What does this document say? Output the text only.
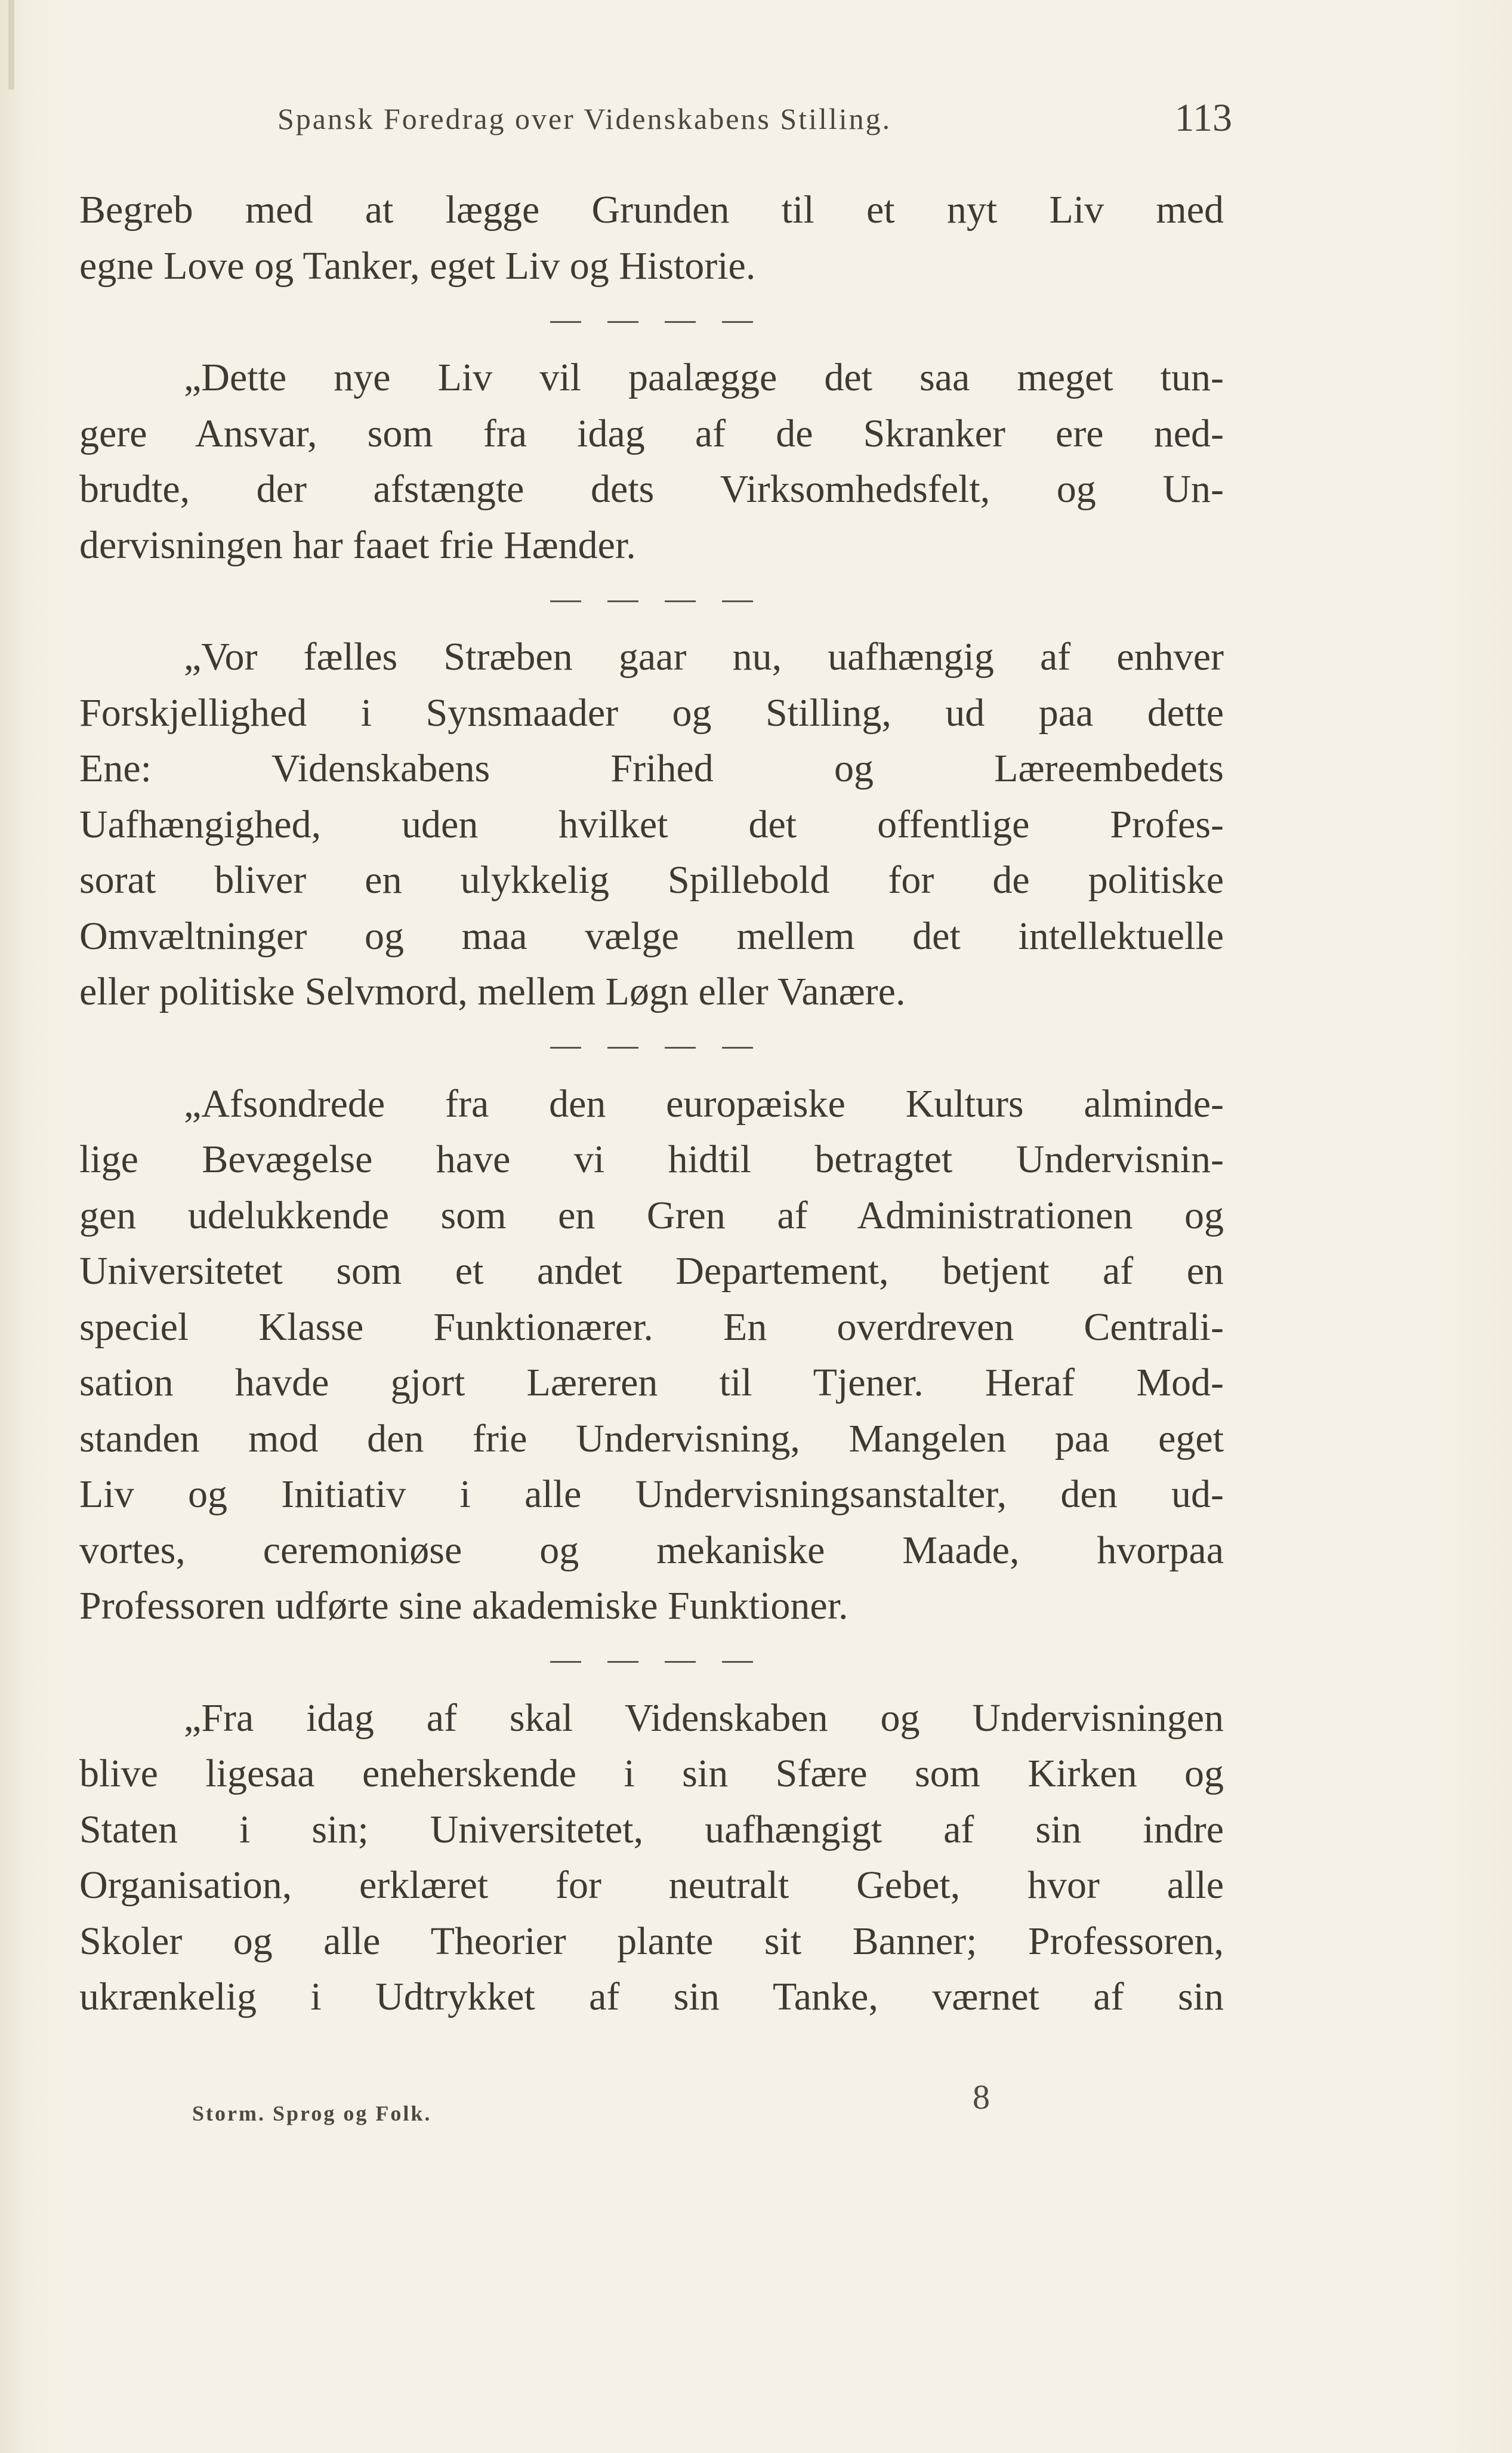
Spansk Foredrag over Videnskabens Stilling.	113
Begreb med at lægge Grunden til et nyt Liv med
egne Love og Tanker, eget Liv og Historie.
„Dette nye Liv vil paalægge det saa meget tun-
gere Ansvar, som fra idag af de Skranker ere ned-
brudte, der afstængte dets Virksomhedsfelt, og Un-
dervisningen har faaet frie Hænder.
„Vor fælles Stræben gaar nu, uafhængig af enhver
Forskjellighed i Synsmaader og Stilling, ud paa dette
Ene: Videnskabens Frihed og Læreembedets
Uafhængighed, uden hvilket det offentlige Profes-
sorat bliver en ulykkelig Spillebold for de politiske
Omvæltninger og maa vælge mellem det intellektuelle
eller politiske Selvmord, mellem Løgn eller Vanære.
„Afsondrede fra den europæiske Kulturs alminde-
lige Bevægelse have vi hidtil betragtet Undervisnin-
gen udelukkende som en Gren af Administrationen og
Universitetet som et andet Departement, betjent af en
speciel Klasse Funktionærer. En overdreven Centrali-
sation havde gjort Læreren til Tjener. Heraf Mod-
standen mod den frie Undervisning, Mangelen paa eget
Liv og Initiativ i alle Undervisningsanstalter, den ud-
vortes, ceremoniøse og mekaniske Maade, hvorpaa
Professoren udførte sine akademiske Funktioner.
„Fra idag af skal Videnskaben og Undervisningen
blive ligesaa eneherskende i sin Sfære som Kirken og
Staten i sin; Universitetet, uafhængigt af sin indre
Organisation, erklæret for neutralt Gebet, hvor alle
Skoler og alle Theorier plante sit Banner; Professoren,
ukrænkelig i Udtrykket af sin Tanke, værnet af sin
Storm. Sprog og Folk.	8
